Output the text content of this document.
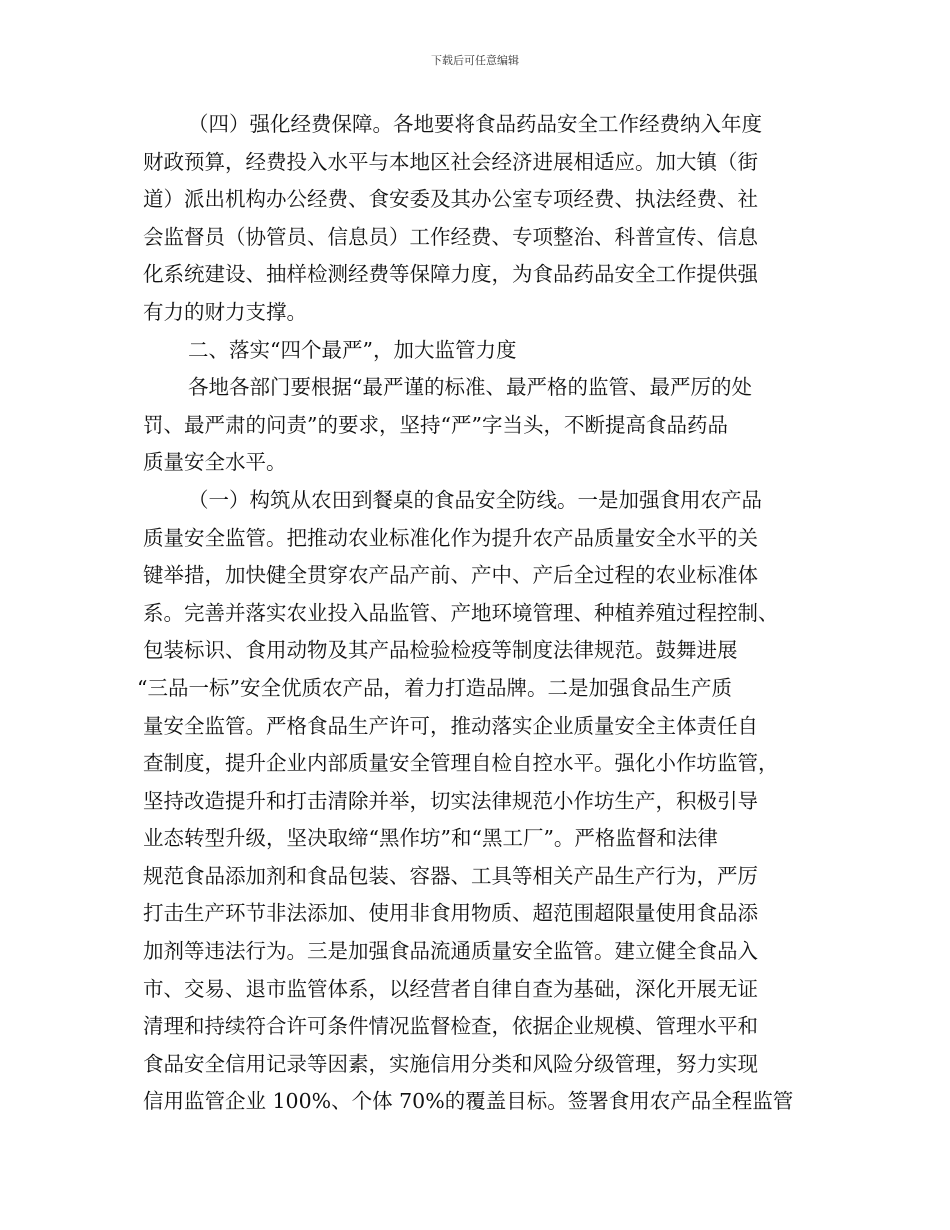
下载后可任意编辑
（四）强化经费保障。各地要将食品药品安全工作经费纳入年度
财政预算，经费投入水平与本地区社会经济进展相适应。加大镇（街
道）派出机构办公经费、食安委及其办公室专项经费、执法经费、社
会监督员（协管员、信息员）工作经费、专项整治、科普宣传、信息
化系统建设、抽样检测经费等保障力度，为食品药品安全工作提供强
有力的财力支撑。
二、落实“四个最严”，加大监管力度
各地各部门要根据“最严谨的标准、最严格的监管、最严厉的处
罚、最严肃的问责”的要求，坚持“严”字当头，不断提高食品药品
质量安全水平。
（一）构筑从农田到餐桌的食品安全防线。一是加强食用农产品
质量安全监管。把推动农业标准化作为提升农产品质量安全水平的关
键举措，加快健全贯穿农产品产前、产中、产后全过程的农业标准体
系。完善并落实农业投入品监管、产地环境管理、种植养殖过程控制、
包装标识、食用动物及其产品检验检疫等制度法律规范。鼓舞进展
“三品一标”安全优质农产品，着力打造品牌。二是加强食品生产质
量安全监管。严格食品生产许可，推动落实企业质量安全主体责任自
查制度，提升企业内部质量安全管理自检自控水平。强化小作坊监管，
坚持改造提升和打击清除并举，切实法律规范小作坊生产，积极引导
业态转型升级，坚决取缔“黑作坊”和“黑工厂”。严格监督和法律
规范食品添加剂和食品包装、容器、工具等相关产品生产行为，严厉
打击生产环节非法添加、使用非食用物质、超范围超限量使用食品添
加剂等违法行为。三是加强食品流通质量安全监管。建立健全食品入
市、交易、退市监管体系，以经营者自律自查为基础，深化开展无证
清理和持续符合许可条件情况监督检查，依据企业规模、管理水平和
食品安全信用记录等因素，实施信用分类和风险分级管理，努力实现
信用监管企业 100%、个体 70%的覆盖目标。签署食用农产品全程监管
